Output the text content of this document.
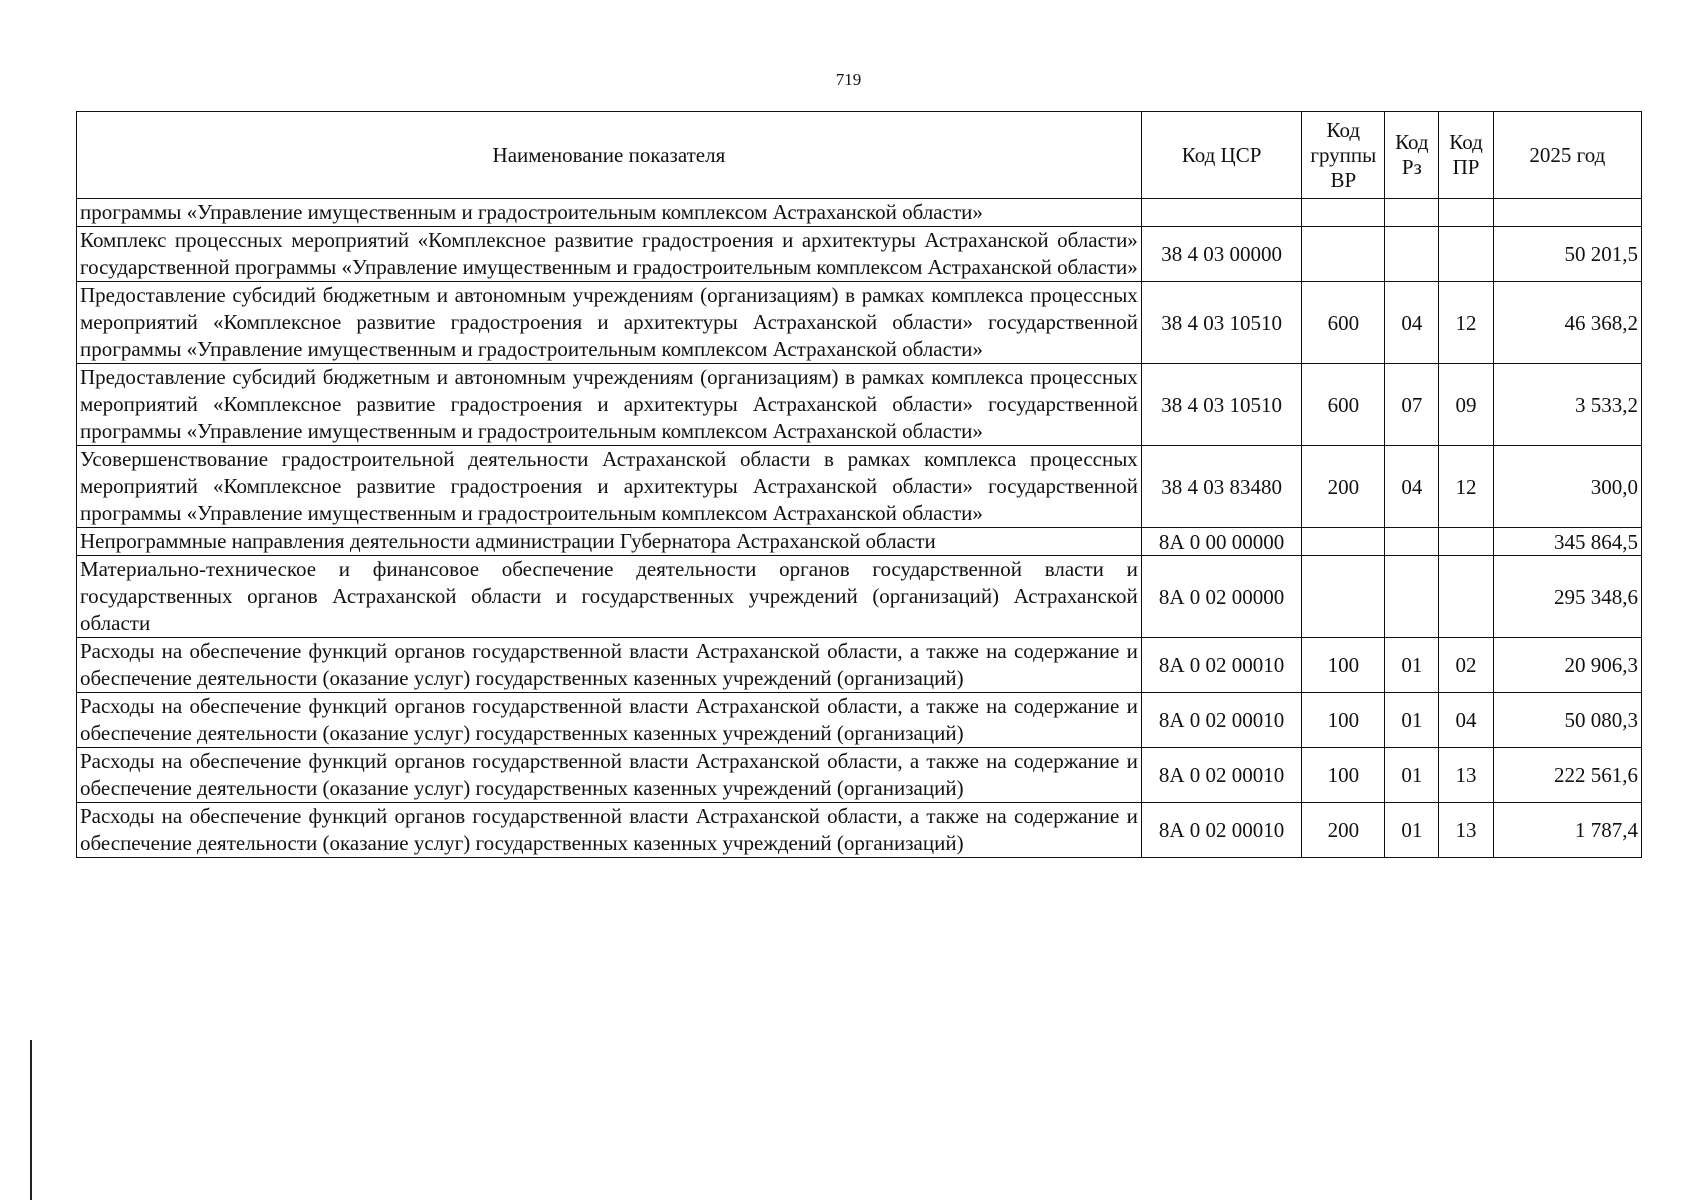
719
Наименование показателя	Код ЦСР	Код группы ВР	Код Рз	Код ПР	2025 год
программы «Управление имущественным и градостроительным комплексом Астраханской области»					
Комплекс процессных мероприятий «Комплексное развитие градостроения и архитектуры Астраханской области» государственной программы «Управление имущественным и градостроительным комплексом Астраханской области»	38 4 03 00000				50 201,5
Предоставление субсидий бюджетным и автономным учреждениям (организациям) в рамках комплекса процессных мероприятий «Комплексное развитие градостроения и архитектуры Астраханской области» государственной программы «Управление имущественным и градостроительным комплексом Астраханской области»	38 4 03 10510	600	04	12	46 368,2
Предоставление субсидий бюджетным и автономным учреждениям (организациям) в рамках комплекса процессных мероприятий «Комплексное развитие градостроения и архитектуры Астраханской области» государственной программы «Управление имущественным и градостроительным комплексом Астраханской области»	38 4 03 10510	600	07	09	3 533,2
Усовершенствование градостроительной деятельности Астраханской области в рамках комплекса процессных мероприятий «Комплексное развитие градостроения и архитектуры Астраханской области» государственной программы «Управление имущественным и градостроительным комплексом Астраханской области»	38 4 03 83480	200	04	12	300,0
Непрограммные направления деятельности администрации Губернатора Астраханской области	8А 0 00 00000				345 864,5
Материально-техническое и финансовое обеспечение деятельности органов государственной власти и государственных органов Астраханской области и государственных учреждений (организаций) Астраханской области	8А 0 02 00000				295 348,6
Расходы на обеспечение функций органов государственной власти Астраханской области, а также на содержание и обеспечение деятельности (оказание услуг) государственных казенных учреждений (организаций)	8А 0 02 00010	100	01	02	20 906,3
Расходы на обеспечение функций органов государственной власти Астраханской области, а также на содержание и обеспечение деятельности (оказание услуг) государственных казенных учреждений (организаций)	8А 0 02 00010	100	01	04	50 080,3
Расходы на обеспечение функций органов государственной власти Астраханской области, а также на содержание и обеспечение деятельности (оказание услуг) государственных казенных учреждений (организаций)	8А 0 02 00010	100	01	13	222 561,6
Расходы на обеспечение функций органов государственной власти Астраханской области, а также на содержание и обеспечение деятельности (оказание услуг) государственных казенных учреждений (организаций)	8А 0 02 00010	200	01	13	1 787,4
